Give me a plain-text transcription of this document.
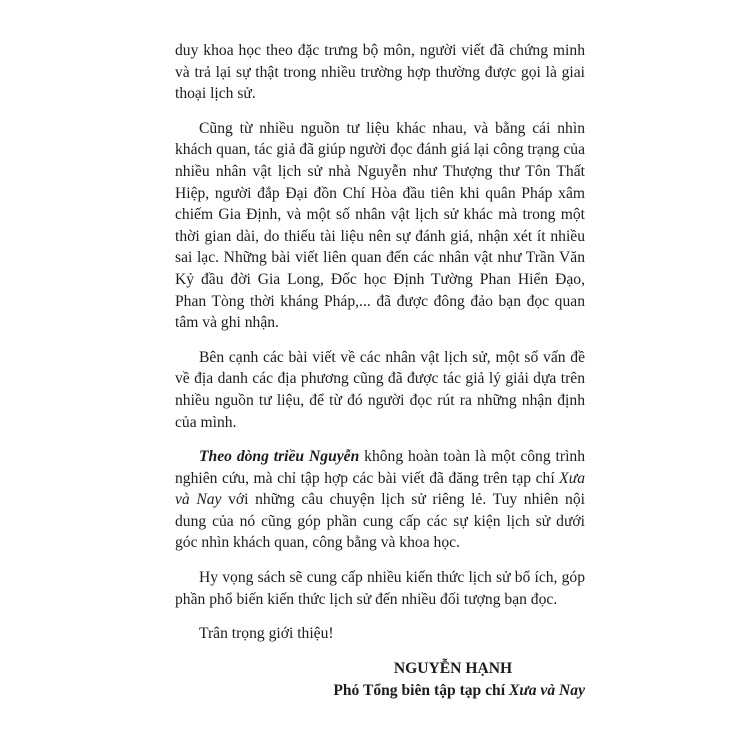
duy khoa học theo đặc trưng bộ môn, người viết đã chứng minh và trả lại sự thật trong nhiều trường hợp thường được gọi là giai thoại lịch sử.

Cũng từ nhiều nguồn tư liệu khác nhau, và bằng cái nhìn khách quan, tác giả đã giúp người đọc đánh giá lại công trạng của nhiều nhân vật lịch sử nhà Nguyễn như Thượng thư Tôn Thất Hiệp, người đắp Đại đồn Chí Hòa đầu tiên khi quân Pháp xâm chiếm Gia Định, và một số nhân vật lịch sử khác mà trong một thời gian dài, do thiếu tài liệu nên sự đánh giá, nhận xét ít nhiều sai lạc. Những bài viết liên quan đến các nhân vật như Trần Văn Kỷ đầu đời Gia Long, Đốc học Định Tường Phan Hiển Đạo, Phan Tòng thời kháng Pháp,... đã được đông đảo bạn đọc quan tâm và ghi nhận.

Bên cạnh các bài viết về các nhân vật lịch sử, một số vấn đề về địa danh các địa phương cũng đã được tác giả lý giải dựa trên nhiều nguồn tư liệu, để từ đó người đọc rút ra những nhận định của mình.

Theo dòng triều Nguyễn không hoàn toàn là một công trình nghiên cứu, mà chỉ tập hợp các bài viết đã đăng trên tạp chí Xưa và Nay với những câu chuyện lịch sử riêng lẻ. Tuy nhiên nội dung của nó cũng góp phần cung cấp các sự kiện lịch sử dưới góc nhìn khách quan, công bằng và khoa học.

Hy vọng sách sẽ cung cấp nhiều kiến thức lịch sử bổ ích, góp phần phổ biến kiến thức lịch sử đến nhiều đối tượng bạn đọc.

Trân trọng giới thiệu!

NGUYỄN HẠNH
Phó Tổng biên tập tạp chí Xưa và Nay
